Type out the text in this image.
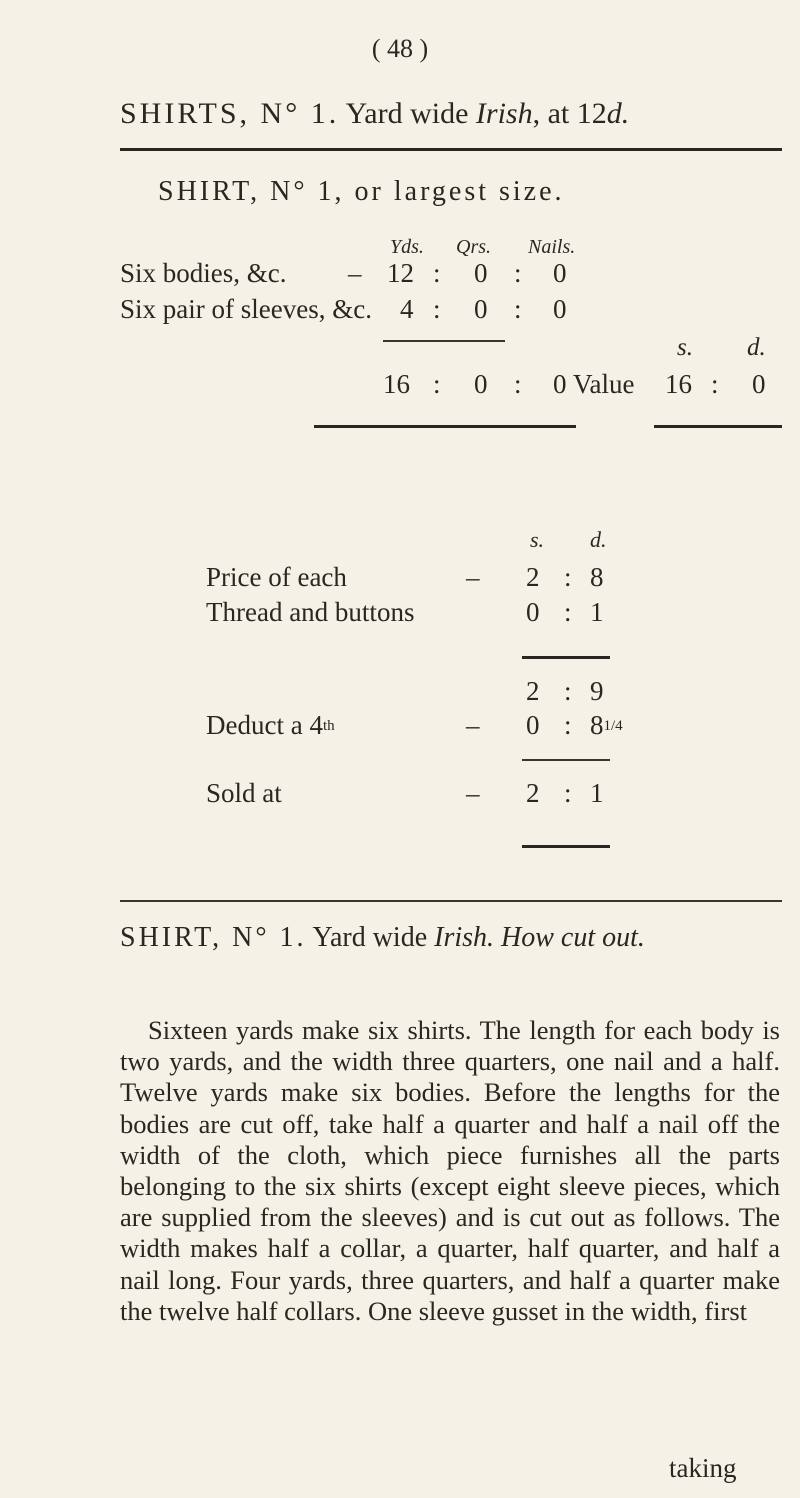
( 48 )
SHIRTS, N° 1. Yard wide Irish, at 12d.
SHIRT, N° 1, or largest size.
Yds. Qrs. Nails.
Six bodies, &c. – 12 : 0 : 0
Six pair of sleeves, &c. 4 : 0 : 0
s. d.
16 : 0 : 0 Value 16 : 0
s. d.
Price of each	– 2 : 8
Thread and buttons	0 : 1
2 : 9
Deduct a 4th	– 0 : 81/4
Sold at	– 2 : 1
SHIRT, N° 1. Yard wide Irish. How cut out.

Sixteen yards make six shirts. The length for each body is two yards, and the width three quarters, one nail and a half. Twelve yards make six bodies. Before the lengths for the bodies are cut off, take half a quarter and half a nail off the width of the cloth, which piece furnishes all the parts belonging to the six shirts (except eight sleeve pieces, which are supplied from the sleeves) and is cut out as follows. The width makes half a collar, a quarter, half quarter, and half a nail long. Four yards, three quarters, and half a quarter make the twelve half collars. One sleeve gusset in the width, first

taking
